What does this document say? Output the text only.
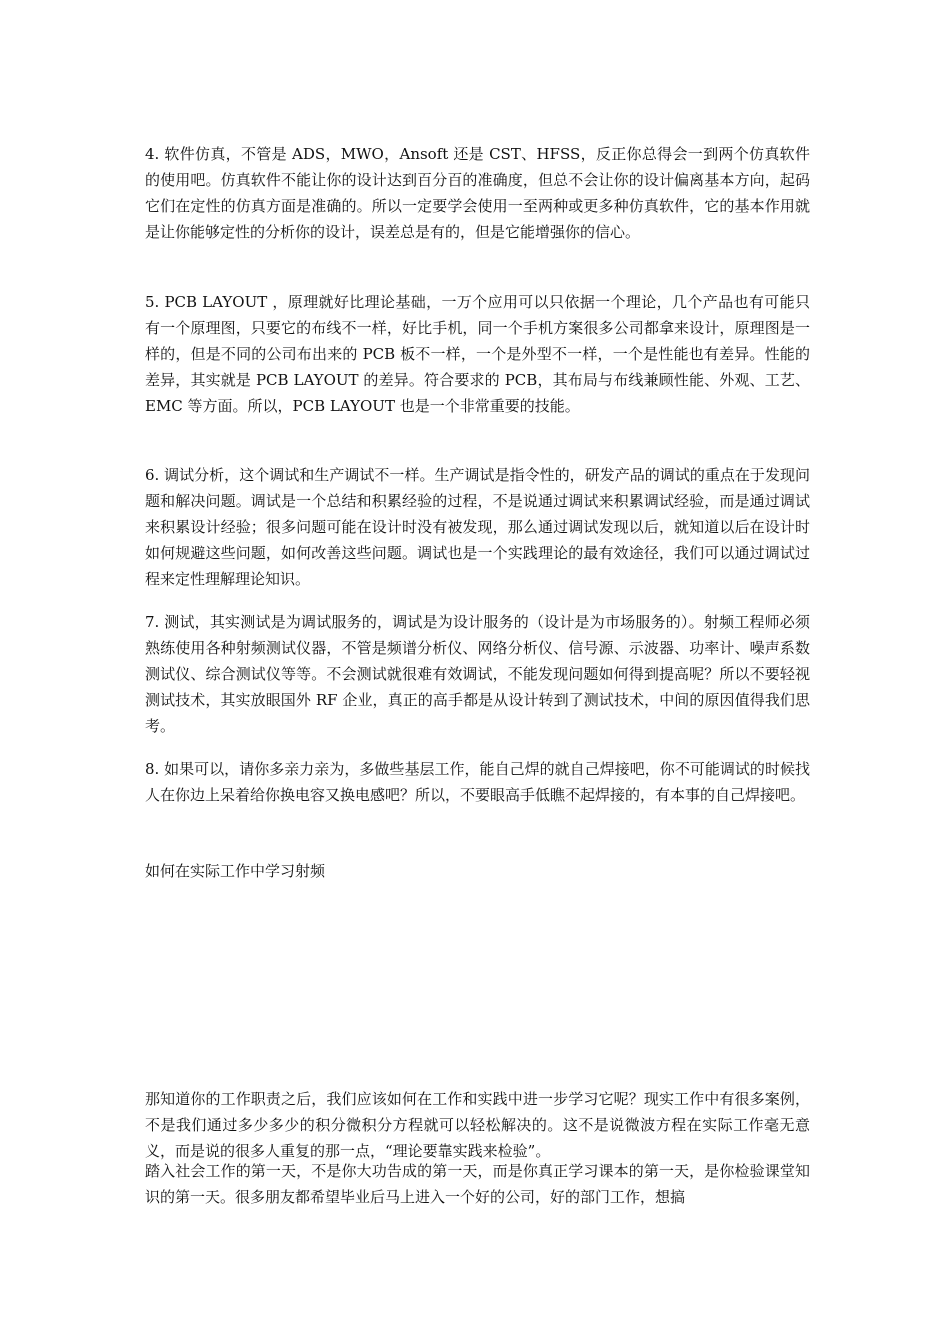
4. 软件仿真，不管是 ADS，MWO，Ansoft 还是 CST、HFSS，反正你总得会一到两个仿真软件的使用吧。仿真软件不能让你的设计达到百分百的准确度，但总不会让你的设计偏离基本方向，起码它们在定性的仿真方面是准确的。所以一定要学会使用一至两种或更多种仿真软件，它的基本作用就是让你能够定性的分析你的设计，误差总是有的，但是它能增强你的信心。

5. PCB LAYOUT ，原理就好比理论基础，一万个应用可以只依据一个理论，几个产品也有可能只有一个原理图，只要它的布线不一样，好比手机，同一个手机方案很多公司都拿来设计，原理图是一样的，但是不同的公司布出来的 PCB 板不一样，一个是外型不一样，一个是性能也有差异。性能的差异，其实就是 PCB LAYOUT 的差异。符合要求的 PCB，其布局与布线兼顾性能、外观、工艺、EMC 等方面。所以，PCB LAYOUT 也是一个非常重要的技能。

6. 调试分析，这个调试和生产调试不一样。生产调试是指令性的，研发产品的调试的重点在于发现问题和解决问题。调试是一个总结和积累经验的过程，不是说通过调试来积累调试经验，而是通过调试来积累设计经验；很多问题可能在设计时没有被发现，那么通过调试发现以后，就知道以后在设计时如何规避这些问题，如何改善这些问题。调试也是一个实践理论的最有效途径，我们可以通过调试过程来定性理解理论知识。

7. 测试，其实测试是为调试服务的，调试是为设计服务的（设计是为市场服务的）。射频工程师必须熟练使用各种射频测试仪器，不管是频谱分析仪、网络分析仪、信号源、示波器、功率计、噪声系数测试仪、综合测试仪等等。不会测试就很难有效调试，不能发现问题如何得到提高呢？所以不要轻视测试技术，其实放眼国外 RF 企业，真正的高手都是从设计转到了测试技术，中间的原因值得我们思考。

8. 如果可以，请你多亲力亲为，多做些基层工作，能自己焊的就自己焊接吧，你不可能调试的时候找人在你边上呆着给你换电容又换电感吧？所以，不要眼高手低瞧不起焊接的，有本事的自己焊接吧。

如何在实际工作中学习射频

那知道你的工作职责之后，我们应该如何在工作和实践中进一步学习它呢？现实工作中有很多案例，不是我们通过多少多少的积分微积分方程就可以轻松解决的。这不是说微波方程在实际工作毫无意义，而是说的很多人重复的那一点，“理论要靠实践来检验”。

踏入社会工作的第一天，不是你大功告成的第一天，而是你真正学习课本的第一天，是你检验课堂知识的第一天。很多朋友都希望毕业后马上进入一个好的公司，好的部门工作，想搞
